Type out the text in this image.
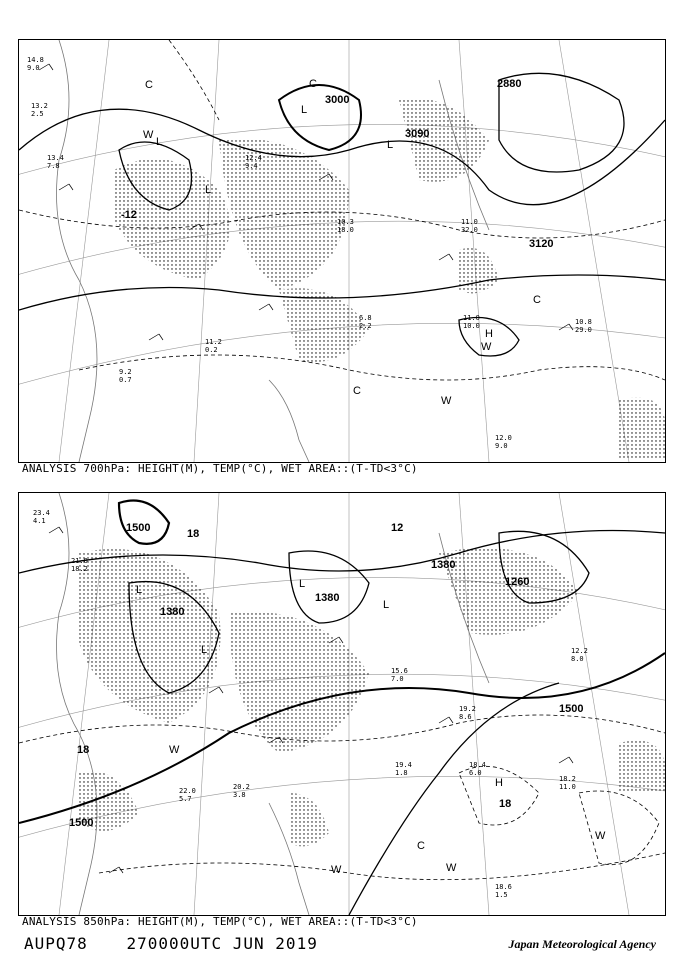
3000
3090
2880
3120
-12
L
L
L
L
H
C	C
C
C
W
W
W
14.8
9.0
13.2
2.5
13.4
7.8
10.3
18.0
12.4
9.4
11.0
32.0
6.8
2.2
12.0
9.0
10.8
29.0
11.0
10.0
9.2
0.7
11.2
0.2
ANALYSIS 700hPa: HEIGHT(M), TEMP(°C), WET AREA::(T-TD<3°C)
1500
1380
1380
1260
1500
1500
1380
12
18
18
18
L
L
L
L
H
C
W
W	W
W
23.4
4.1
21.0
18.2
19.2
8.6
18.4
6.0
18.2
11.0
18.6
1.5
22.0
5.7
20.2
3.8
15.6
7.0
19.4
1.8
12.2
8.0
ANALYSIS 850hPa: HEIGHT(M), TEMP(°C), WET AREA::(T-TD<3°C)
AUPQ78 270000UTC JUN 2019	Japan Meteorological Agency
